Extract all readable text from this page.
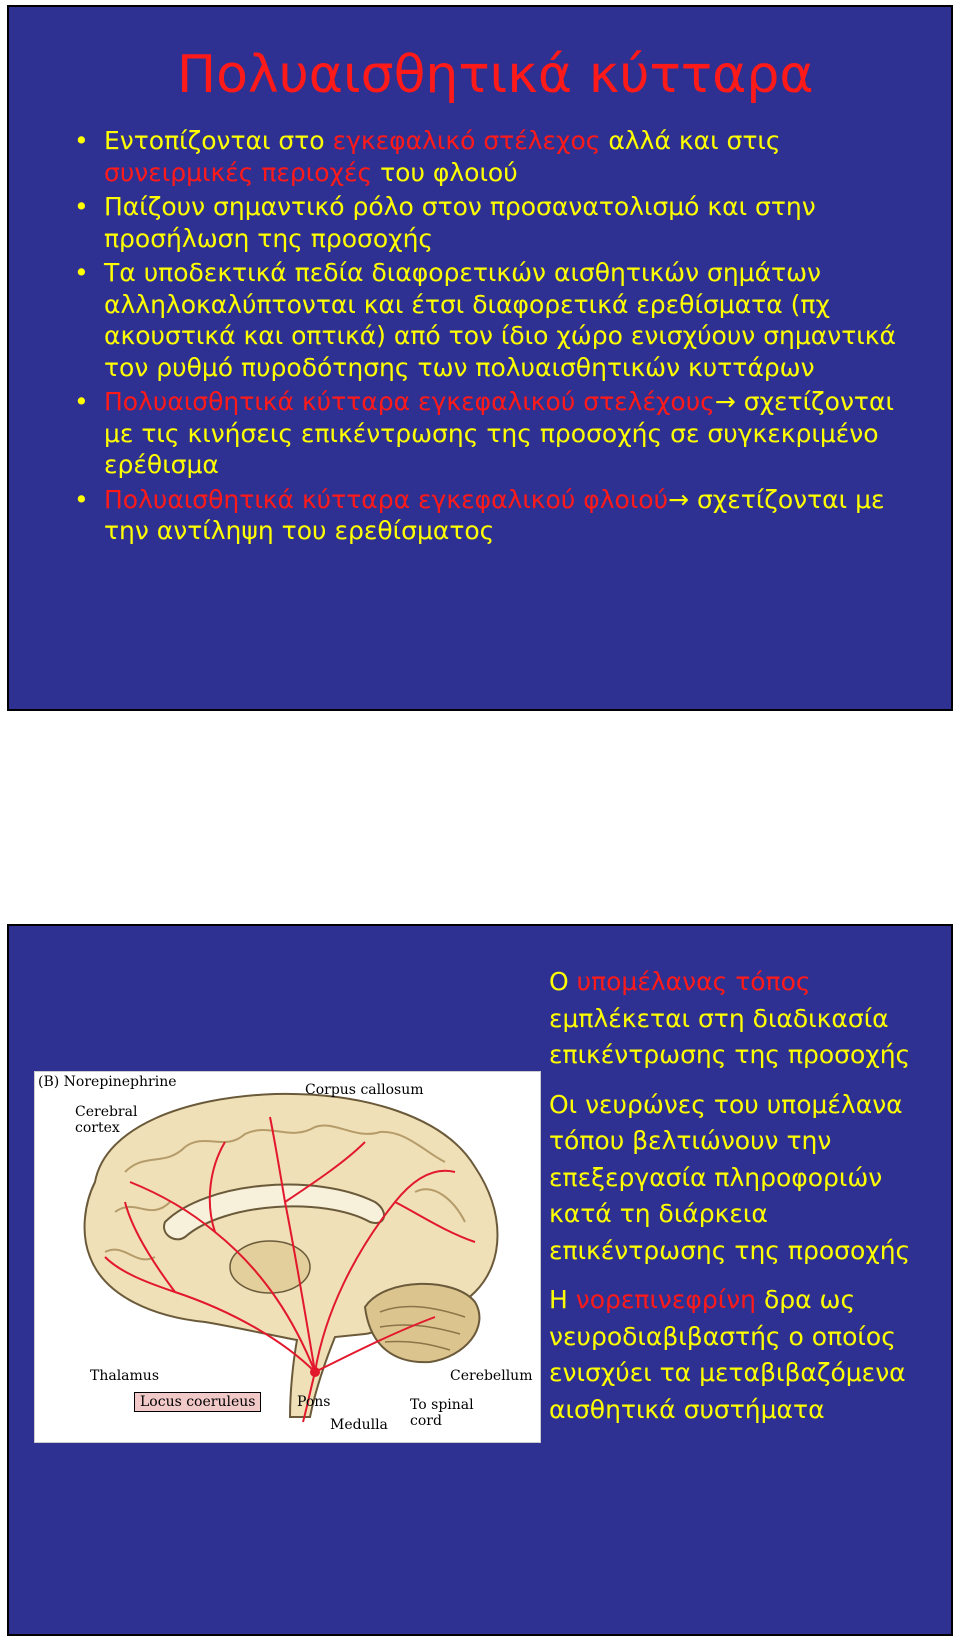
Πολυαισθητικά κύτταρα
• Εντοπίζονται στο εγκεφαλικό στέλεχος αλλά και στις συνειρμικές περιοχές του φλοιού
• Παίζουν σημαντικό ρόλο στον προσανατολισμό και στην προσήλωση της προσοχής
• Τα υποδεκτικά πεδία διαφορετικών αισθητικών σημάτων αλληλοκαλύπτονται και έτσι διαφορετικά ερεθίσματα (πχ ακουστικά και οπτικά) από τον ίδιο χώρο ενισχύουν σημαντικά τον ρυθμό πυροδότησης των πολυαισθητικών κυττάρων
• Πολυαισθητικά κύτταρα εγκεφαλικού στελέχους→ σχετίζονται με τις κινήσεις επικέντρωσης της προσοχής σε συγκεκριμένο ερέθισμα
• Πολυαισθητικά κύτταρα εγκεφαλικού φλοιού→ σχετίζονται με την αντίληψη του ερεθίσματος
(B) Norepinephrine
Cerebral cortex
Corpus callosum
Thalamus
Locus coeruleus	Pons
Medulla
Cerebellum
To spinal cord

Ο υπομέλανας τόπος εμπλέκεται στη διαδικασία επικέντρωσης της προσοχής

Οι νευρώνες του υπομέλανα τόπου βελτιώνουν την επεξεργασία πληροφοριών κατά τη διάρκεια επικέντρωσης της προσοχής

Η νορεπινεφρίνη δρα ως νευροδιαβιβαστής ο οποίος ενισχύει τα μεταβιβαζόμενα αισθητικά συστήματα
